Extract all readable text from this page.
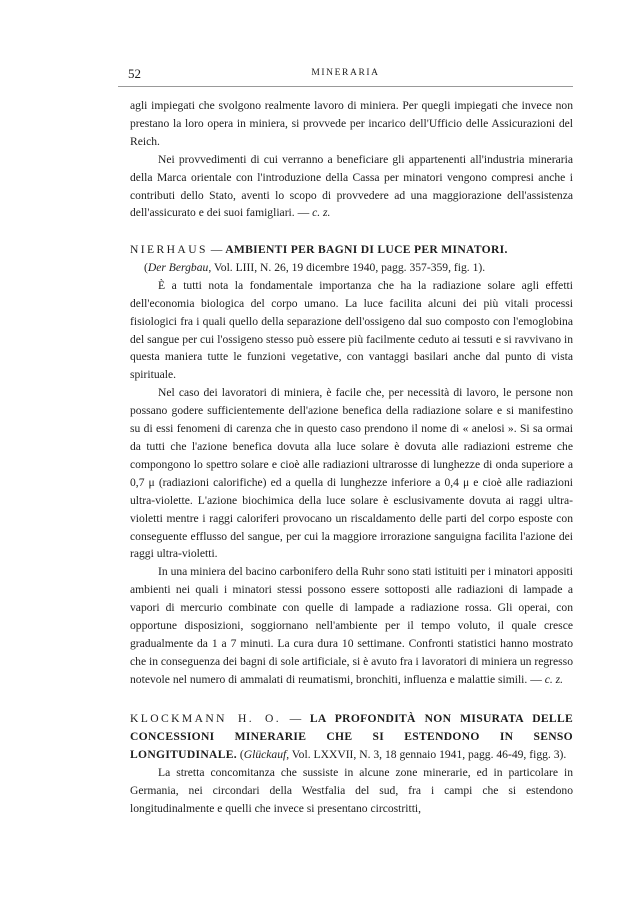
52	MINERARIA

agli impiegati che svolgono realmente lavoro di miniera. Per quegli impiegati che invece non prestano la loro opera in miniera, si provvede per incarico dell'Ufficio delle Assicurazioni del Reich.

Nei provvedimenti di cui verranno a beneficiare gli appartenenti all'industria mineraria della Marca orientale con l'introduzione della Cassa per minatori vengono compresi anche i contributi dello Stato, aventi lo scopo di provvedere ad una maggiorazione dell'assistenza dell'assicurato e dei suoi famigliari. — c. z.

NIERHAUS — AMBIENTI PER BAGNI DI LUCE PER MINATORI.

(Der Bergbau, Vol. LIII, N. 26, 19 dicembre 1940, pagg. 357-359, fig. 1).

È a tutti nota la fondamentale importanza che ha la radiazione solare agli effetti dell'economia biologica del corpo umano. La luce facilita alcuni dei più vitali processi fisiologici fra i quali quello della separazione dell'ossigeno dal suo composto con l'emoglobina del sangue per cui l'ossigeno stesso può essere più facilmente ceduto ai tessuti e si ravvivano in questa maniera tutte le funzioni vegetative, con vantaggi basilari anche dal punto di vista spirituale.

Nel caso dei lavoratori di miniera, è facile che, per necessità di lavoro, le persone non possano godere sufficientemente dell'azione benefica della radiazione solare e si manifestino su di essi fenomeni di carenza che in questo caso prendono il nome di « anelosi ». Si sa ormai da tutti che l'azione benefica dovuta alla luce solare è dovuta alle radiazioni estreme che compongono lo spettro solare e cioè alle radiazioni ultrarosse di lunghezze di onda superiore a 0,7 μ (radiazioni calorifiche) ed a quella di lunghezze inferiore a 0,4 μ e cioè alle radiazioni ultra-violette. L'azione biochimica della luce solare è esclusivamente dovuta ai raggi ultra-violetti mentre i raggi caloriferi provocano un riscaldamento delle parti del corpo esposte con conseguente efflusso del sangue, per cui la maggiore irrorazione sanguigna facilita l'azione dei raggi ultra-violetti.

In una miniera del bacino carbonifero della Ruhr sono stati istituiti per i minatori appositi ambienti nei quali i minatori stessi possono essere sottoposti alle radiazioni di lampade a vapori di mercurio combinate con quelle di lampade a radiazione rossa. Gli operai, con opportune disposizioni, soggiornano nell'ambiente per il tempo voluto, il quale cresce gradualmente da 1 a 7 minuti. La cura dura 10 settimane. Confronti statistici hanno mostrato che in conseguenza dei bagni di sole artificiale, si è avuto fra i lavoratori di miniera un regresso notevole nel numero di ammalati di reumatismi, bronchiti, influenza e malattie simili. — c. z.

KLOCKMANN H. O. — LA PROFONDITÀ NON MISURATA DELLE CONCESSIONI MINERARIE CHE SI ESTENDONO IN SENSO LONGITUDINALE. (Glückauf, Vol. LXXVII, N. 3, 18 gennaio 1941, pagg. 46-49, figg. 3).

La stretta concomitanza che sussiste in alcune zone minerarie, ed in particolare in Germania, nei circondari della Westfalia del sud, fra i campi che si estendono longitudinalmente e quelli che invece si presentano circostritti,
